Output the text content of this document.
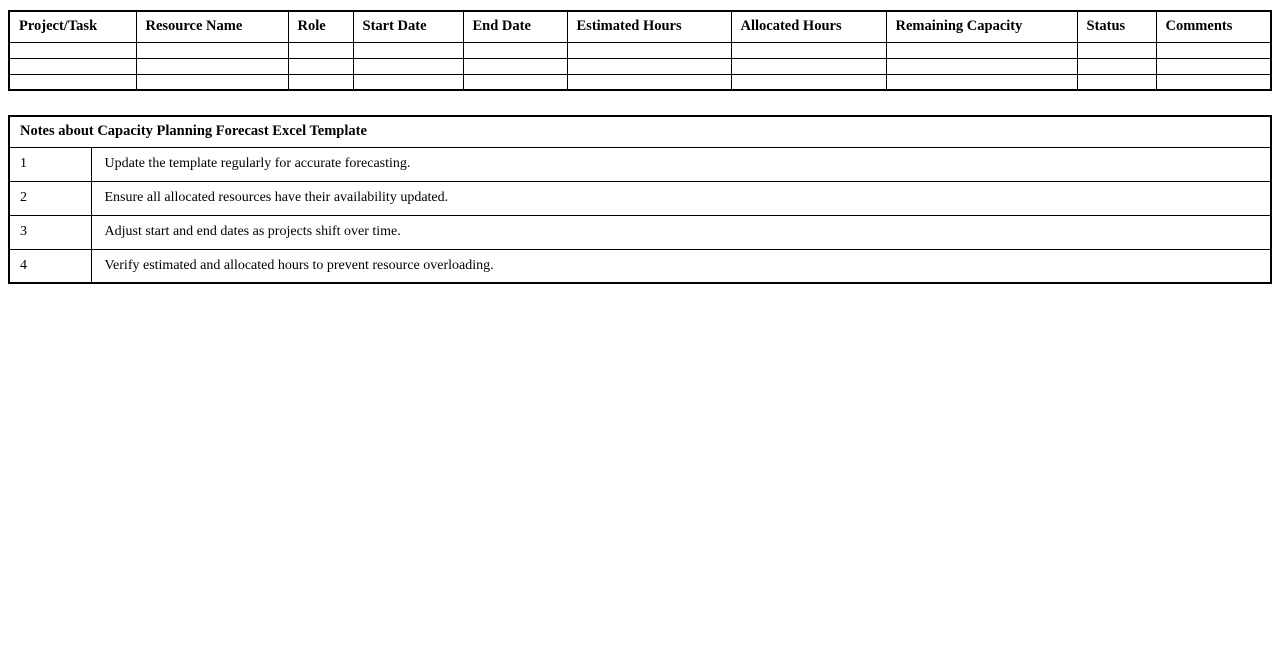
Project/Task	Resource Name	Role	Start Date	End Date	Estimated Hours	Allocated Hours	Remaining Capacity	Status	Comments

Notes about Capacity Planning Forecast Excel Template	
1	Update the template regularly for accurate forecasting.
2	Ensure all allocated resources have their availability updated.
3	Adjust start and end dates as projects shift over time.
4	Verify estimated and allocated hours to prevent resource overloading.
